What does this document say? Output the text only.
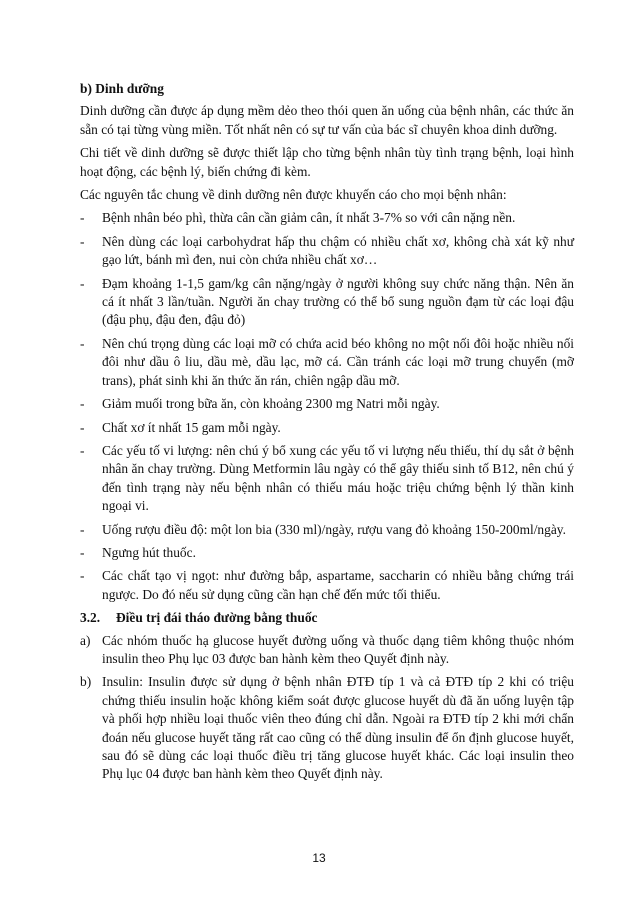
b) Dinh dưỡng

Dinh dưỡng cần được áp dụng mềm dẻo theo thói quen ăn uống của bệnh nhân, các thức ăn sẵn có tại từng vùng miền. Tốt nhất nên có sự tư vấn của bác sĩ chuyên khoa dinh dưỡng.

Chi tiết về dinh dưỡng sẽ được thiết lập cho từng bệnh nhân tùy tình trạng bệnh, loại hình hoạt động, các bệnh lý, biến chứng đi kèm.

Các nguyên tắc chung về dinh dưỡng nên được khuyến cáo cho mọi bệnh nhân:

- Bệnh nhân béo phì, thừa cân cần giảm cân, ít nhất 3-7% so với cân nặng nền.
- Nên dùng các loại carbohydrat hấp thu chậm có nhiều chất xơ, không chà xát kỹ như gạo lứt, bánh mì đen, nui còn chứa nhiều chất xơ…
- Đạm khoảng 1-1,5 gam/kg cân nặng/ngày ở người không suy chức năng thận. Nên ăn cá ít nhất 3 lần/tuần. Người ăn chay trường có thể bổ sung nguồn đạm từ các loại đậu (đậu phụ, đậu đen, đậu đỏ)
- Nên chú trọng dùng các loại mỡ có chứa acid béo không no một nối đôi hoặc nhiều nối đôi như dầu ô liu, dầu mè, dầu lạc, mỡ cá. Cần tránh các loại mỡ trung chuyển (mỡ trans), phát sinh khi ăn thức ăn rán, chiên ngập dầu mỡ.
- Giảm muối trong bữa ăn, còn khoảng 2300 mg Natri mỗi ngày.
- Chất xơ ít nhất 15 gam mỗi ngày.
- Các yếu tố vi lượng: nên chú ý bổ xung các yếu tố vi lượng nếu thiếu, thí dụ sắt ở bệnh nhân ăn chay trường. Dùng Metformin lâu ngày có thể gây thiếu sinh tố B12, nên chú ý đến tình trạng này nếu bệnh nhân có thiếu máu hoặc triệu chứng bệnh lý thần kinh ngoại vi.
- Uống rượu điều độ: một lon bia (330 ml)/ngày, rượu vang đỏ khoảng 150-200ml/ngày.
- Ngưng hút thuốc.
- Các chất tạo vị ngọt: như đường bắp, aspartame, saccharin có nhiều bằng chứng trái ngược. Do đó nếu sử dụng cũng cần hạn chế đến mức tối thiểu.
3.2. Điều trị đái tháo đường bằng thuốc
a) Các nhóm thuốc hạ glucose huyết đường uống và thuốc dạng tiêm không thuộc nhóm insulin theo Phụ lục 03 được ban hành kèm theo Quyết định này.
b) Insulin: Insulin được sử dụng ở bệnh nhân ĐTĐ típ 1 và cả ĐTĐ típ 2 khi có triệu chứng thiếu insulin hoặc không kiểm soát được glucose huyết dù đã ăn uống luyện tập và phối hợp nhiều loại thuốc viên theo đúng chỉ dẫn. Ngoài ra ĐTĐ típ 2 khi mới chẩn đoán nếu glucose huyết tăng rất cao cũng có thể dùng insulin để ổn định glucose huyết, sau đó sẽ dùng các loại thuốc điều trị tăng glucose huyết khác. Các loại insulin theo Phụ lục 04 được ban hành kèm theo Quyết định này.
13
